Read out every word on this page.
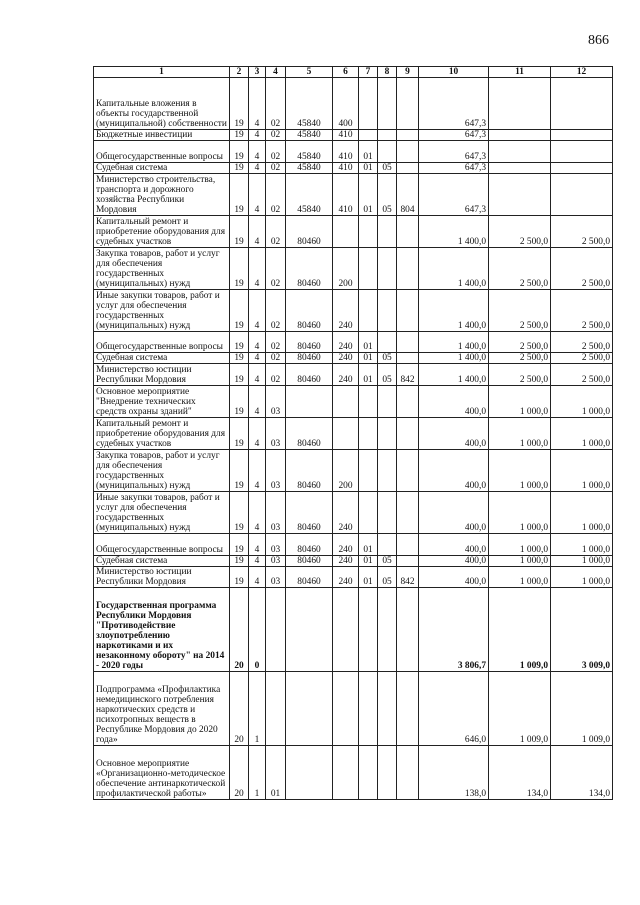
866
1	2	3	4	5	6	7	8	9	10	11	12
Капитальные вложения в объекты государственной (муниципальной) собственности	19	4	02	45840	400				647,3		
Бюджетные инвестиции	19	4	02	45840	410				647,3		
Общегосударственные вопросы	19	4	02	45840	410	01			647,3		
Судебная система	19	4	02	45840	410	01	05		647,3		
Министерство строительства, транспорта и дорожного хозяйства Республики Мордовия	19	4	02	45840	410	01	05	804	647,3		
Капитальный ремонт и приобретение оборудования для судебных участков	19	4	02	80460					1 400,0	2 500,0	2 500,0
Закупка товаров, работ и услуг для обеспечения государственных (муниципальных) нужд	19	4	02	80460	200				1 400,0	2 500,0	2 500,0
Иные закупки товаров, работ и услуг для обеспечения государственных (муниципальных) нужд	19	4	02	80460	240				1 400,0	2 500,0	2 500,0
Общегосударственные вопросы	19	4	02	80460	240	01			1 400,0	2 500,0	2 500,0
Судебная система	19	4	02	80460	240	01	05		1 400,0	2 500,0	2 500,0
Министерство юстиции Республики Мордовия	19	4	02	80460	240	01	05	842	1 400,0	2 500,0	2 500,0
Основное мероприятие "Внедрение технических средств охраны зданий"	19	4	03						400,0	1 000,0	1 000,0
Капитальный ремонт и приобретение оборудования для судебных участков	19	4	03	80460					400,0	1 000,0	1 000,0
Закупка товаров, работ и услуг для обеспечения государственных (муниципальных) нужд	19	4	03	80460	200				400,0	1 000,0	1 000,0
Иные закупки товаров, работ и услуг для обеспечения государственных (муниципальных) нужд	19	4	03	80460	240				400,0	1 000,0	1 000,0
Общегосударственные вопросы	19	4	03	80460	240	01			400,0	1 000,0	1 000,0
Судебная система	19	4	03	80460	240	01	05		400,0	1 000,0	1 000,0
Министерство юстиции Республики Мордовия	19	4	03	80460	240	01	05	842	400,0	1 000,0	1 000,0
Государственная программа Республики Мордовия "Противодействие злоупотреблению наркотиками и их незаконному обороту" на 2014 - 2020 годы	20	0							3 806,7	1 009,0	3 009,0
Подпрограмма «Профилактика немедицинского потребления наркотических средств и психотропных веществ в Республике Мордовия до 2020 года»	20	1							646,0	1 009,0	1 009,0
Основное мероприятие «Организационно-методическое обеспечение антинаркотической профилактической работы»	20	1	01						138,0	134,0	134,0
